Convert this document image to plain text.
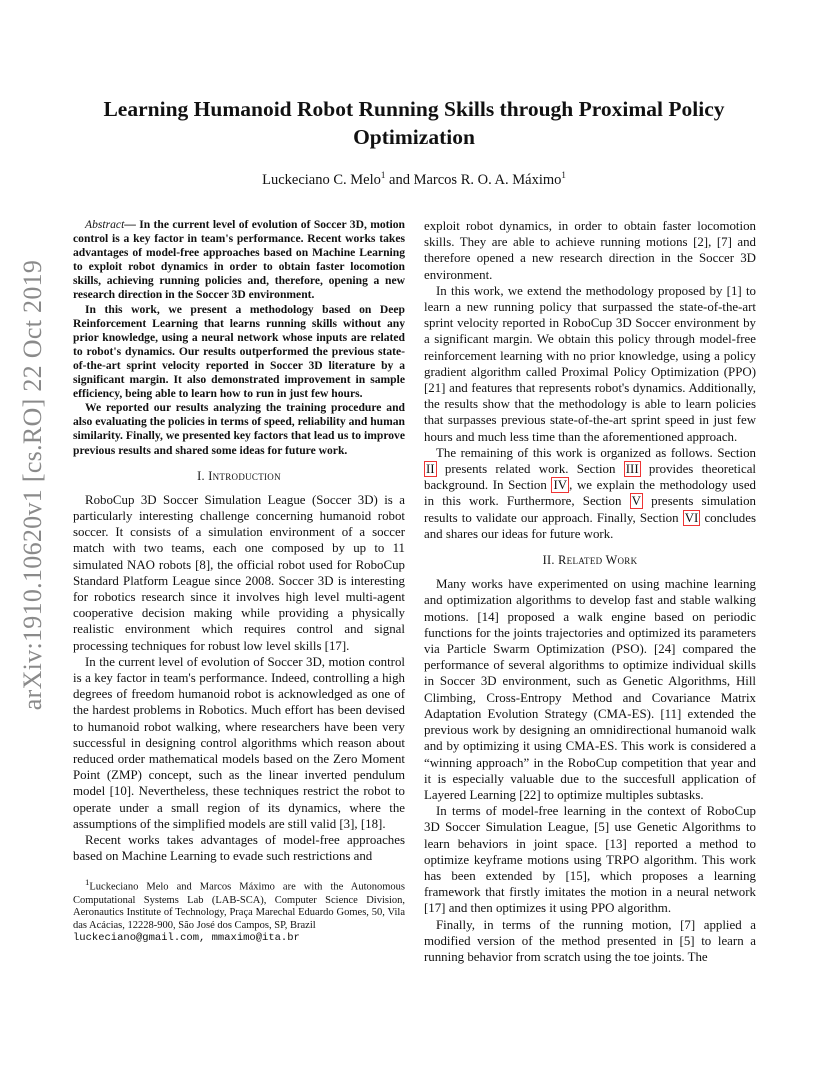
arXiv:1910.10620v1 [cs.RO] 22 Oct 2019
Learning Humanoid Robot Running Skills through Proximal Policy Optimization
Luckeciano C. Melo$^1$ and Marcos R. O. A. Máximo$^1$

Abstract— In the current level of evolution of Soccer 3D, motion control is a key factor in team's performance. Recent works takes advantages of model-free approaches based on Machine Learning to exploit robot dynamics in order to obtain faster locomotion skills, achieving running policies and, therefore, opening a new research direction in the Soccer 3D environment.

In this work, we present a methodology based on Deep Reinforcement Learning that learns running skills without any prior knowledge, using a neural network whose inputs are related to robot's dynamics. Our results outperformed the previous state-of-the-art sprint velocity reported in Soccer 3D literature by a significant margin. It also demonstrated improvement in sample efficiency, being able to learn how to run in just few hours.

We reported our results analyzing the training procedure and also evaluating the policies in terms of speed, reliability and human similarity. Finally, we presented key factors that lead us to improve previous results and shared some ideas for future work.

I. Introduction

RoboCup 3D Soccer Simulation League (Soccer 3D) is a particularly interesting challenge concerning humanoid robot soccer. It consists of a simulation environment of a soccer match with two teams, each one composed by up to 11 simulated NAO robots [8], the official robot used for RoboCup Standard Platform League since 2008. Soccer 3D is interesting for robotics research since it involves high level multi-agent cooperative decision making while providing a physically realistic environment which requires control and signal processing techniques for robust low level skills [17].

In the current level of evolution of Soccer 3D, motion control is a key factor in team's performance. Indeed, controlling a high degrees of freedom humanoid robot is acknowledged as one of the hardest problems in Robotics. Much effort has been devised to humanoid robot walking, where researchers have been very successful in designing control algorithms which reason about reduced order mathematical models based on the Zero Moment Point (ZMP) concept, such as the linear inverted pendulum model [10]. Nevertheless, these techniques restrict the robot to operate under a small region of its dynamics, where the assumptions of the simplified models are still valid [3], [18].

Recent works takes advantages of model-free approaches based on Machine Learning to evade such restrictions and

$^1$Luckeciano Melo and Marcos Máximo are with the Autonomous Computational Systems Lab (LAB-SCA), Computer Science Division, Aeronautics Institute of Technology, Praça Marechal Eduardo Gomes, 50, Vila das Acácias, 12228-900, São José dos Campos, SP, Brazil

luckeciano@gmail.com, mmaximo@ita.br

exploit robot dynamics, in order to obtain faster locomotion skills. They are able to achieve running motions [2], [7] and therefore opened a new research direction in the Soccer 3D environment.

In this work, we extend the methodology proposed by [1] to learn a new running policy that surpassed the state-of-the-art sprint velocity reported in RoboCup 3D Soccer environment by a significant margin. We obtain this policy through model-free reinforcement learning with no prior knowledge, using a policy gradient algorithm called Proximal Policy Optimization (PPO) [21] and features that represents robot's dynamics. Additionally, the results show that the methodology is able to learn policies that surpasses previous state-of-the-art sprint speed in just few hours and much less time than the aforementioned approach.

The remaining of this work is organized as follows. Section II presents related work. Section III provides theoretical background. In Section IV , we explain the methodology used in this work. Furthermore, Section V presents simulation results to validate our approach. Finally, Section VI concludes and shares our ideas for future work.

II. Related Work

Many works have experimented on using machine learning and optimization algorithms to develop fast and stable walking motions. [14] proposed a walk engine based on periodic functions for the joints trajectories and optimized its parameters via Particle Swarm Optimization (PSO). [24] compared the performance of several algorithms to optimize individual skills in Soccer 3D environment, such as Genetic Algorithms, Hill Climbing, Cross-Entropy Method and Covariance Matrix Adaptation Evolution Strategy (CMA-ES). [11] extended the previous work by designing an omnidirectional humanoid walk and by optimizing it using CMA-ES. This work is considered a “winning approach” in the RoboCup competition that year and it is especially valuable due to the succesfull application of Layered Learning [22] to optimize multiples subtasks.

In terms of model-free learning in the context of RoboCup 3D Soccer Simulation League, [5] use Genetic Algorithms to learn behaviors in joint space. [13] reported a method to optimize keyframe motions using TRPO algorithm. This work has been extended by [15], which proposes a learning framework that firstly imitates the motion in a neural network [17] and then optimizes it using PPO algorithm.

Finally, in terms of the running motion, [7] applied a modified version of the method presented in [5] to learn a running behavior from scratch using the toe joints. The
